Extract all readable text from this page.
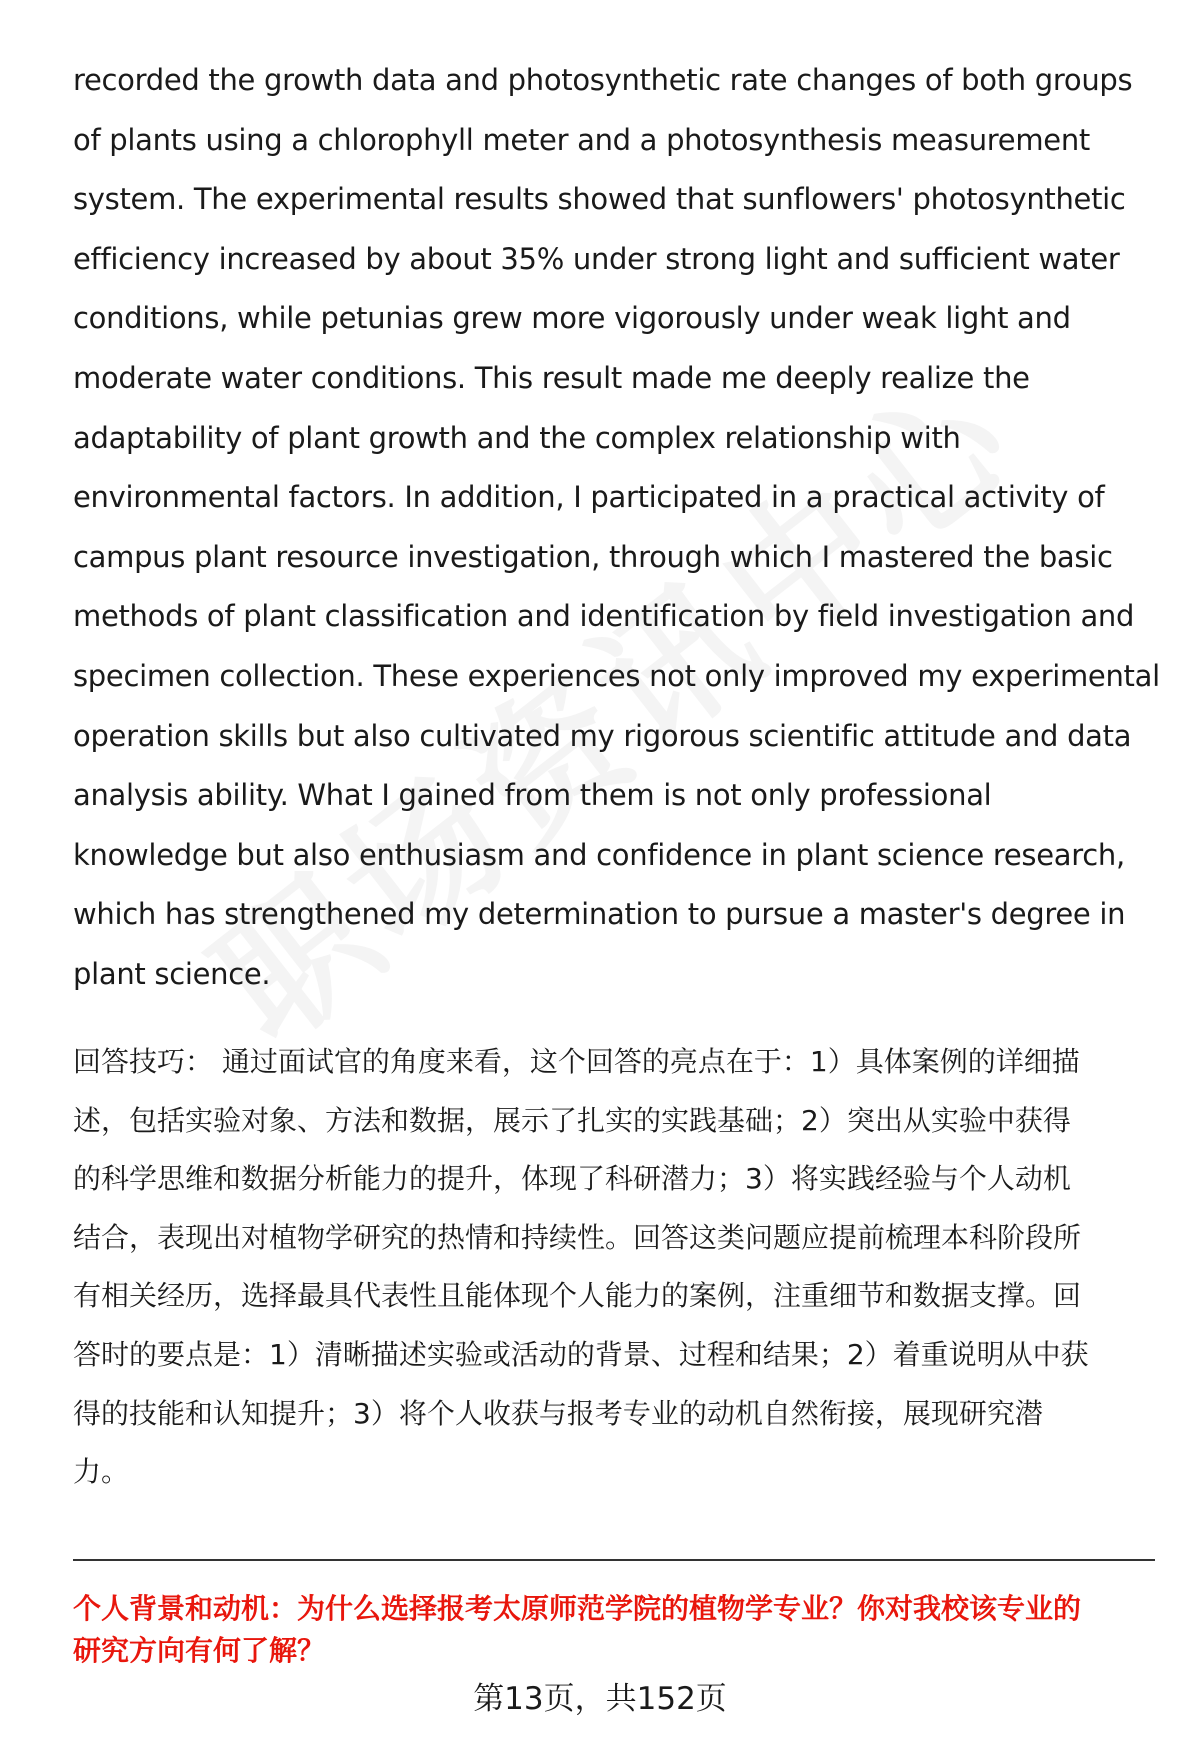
recorded the growth data and photosynthetic rate changes of both groups
of plants using a chlorophyll meter and a photosynthesis measurement
system. The experimental results showed that sunflowers' photosynthetic
efficiency increased by about 35% under strong light and sufficient water
conditions, while petunias grew more vigorously under weak light and
moderate water conditions. This result made me deeply realize the
adaptability of plant growth and the complex relationship with
environmental factors. In addition, I participated in a practical activity of
campus plant resource investigation, through which I mastered the basic
methods of plant classification and identification by field investigation and
specimen collection. These experiences not only improved my experimental
operation skills but also cultivated my rigorous scientific attitude and data
analysis ability. What I gained from them is not only professional
knowledge but also enthusiasm and confidence in plant science research,
which has strengthened my determination to pursue a master's degree in
plant science.
回答技巧： 通过面试官的角度来看，这个回答的亮点在于：1）具体案例的详细描
述，包括实验对象、方法和数据，展示了扎实的实践基础；2）突出从实验中获得
的科学思维和数据分析能力的提升，体现了科研潜力；3）将实践经验与个人动机
结合，表现出对植物学研究的热情和持续性。回答这类问题应提前梳理本科阶段所
有相关经历，选择最具代表性且能体现个人能力的案例，注重细节和数据支撑。回
答时的要点是：1）清晰描述实验或活动的背景、过程和结果；2）着重说明从中获
得的技能和认知提升；3）将个人收获与报考专业的动机自然衔接，展现研究潜
力。
个人背景和动机：为什么选择报考太原师范学院的植物学专业？你对我校该专业的
研究方向有何了解？
第13页，共152页
